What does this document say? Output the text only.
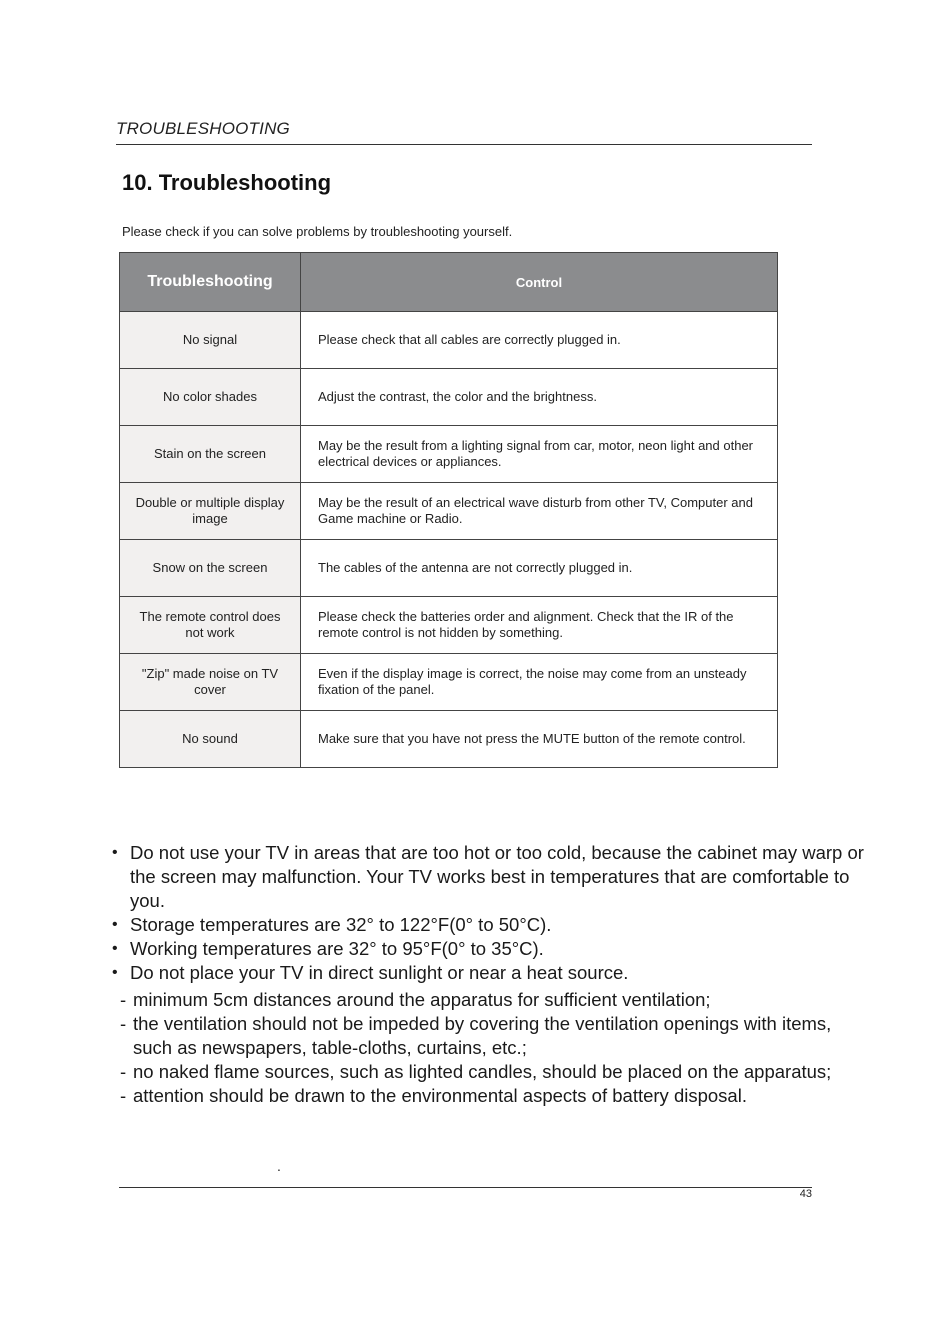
TROUBLESHOOTING
10. Troubleshooting
Please check if you can solve problems by troubleshooting yourself.
Troubleshooting	Control
No signal	Please check that all cables are correctly plugged in.
No color shades	Adjust the contrast, the color and the brightness.
Stain on the screen	May be the result from a lighting signal from car, motor, neon light and other electrical devices or appliances.
Double or multiple display image	May be the result of an electrical wave disturb from other TV, Computer and Game machine or Radio.
Snow on the screen	The cables of the antenna are not correctly plugged in.
The remote control does not work	Please check the batteries order and alignment. Check that the IR of the remote control is not hidden by something.
"Zip" made noise on TV cover	Even if the display image is correct, the noise may come from an unsteady fixation of the panel.
No sound	Make sure that you have not press the MUTE button of the remote control.
• Do not use your TV in areas that are too hot or too cold, because the cabinet may warp or the screen may malfunction. Your TV works best in temperatures that are comfortable to you.
• Storage temperatures are 32° to 122°F(0° to 50°C).
• Working temperatures are 32° to 95°F(0° to 35°C).
• Do not place your TV in direct sunlight or near a heat source.
- minimum 5cm distances around the apparatus for sufficient ventilation;
- the ventilation should not be impeded by covering the ventilation openings with items, such as newspapers, table-cloths, curtains, etc.;
- no naked flame sources, such as lighted candles, should be placed on the apparatus;
- attention should be drawn to the environmental aspects of battery disposal.
.
43
